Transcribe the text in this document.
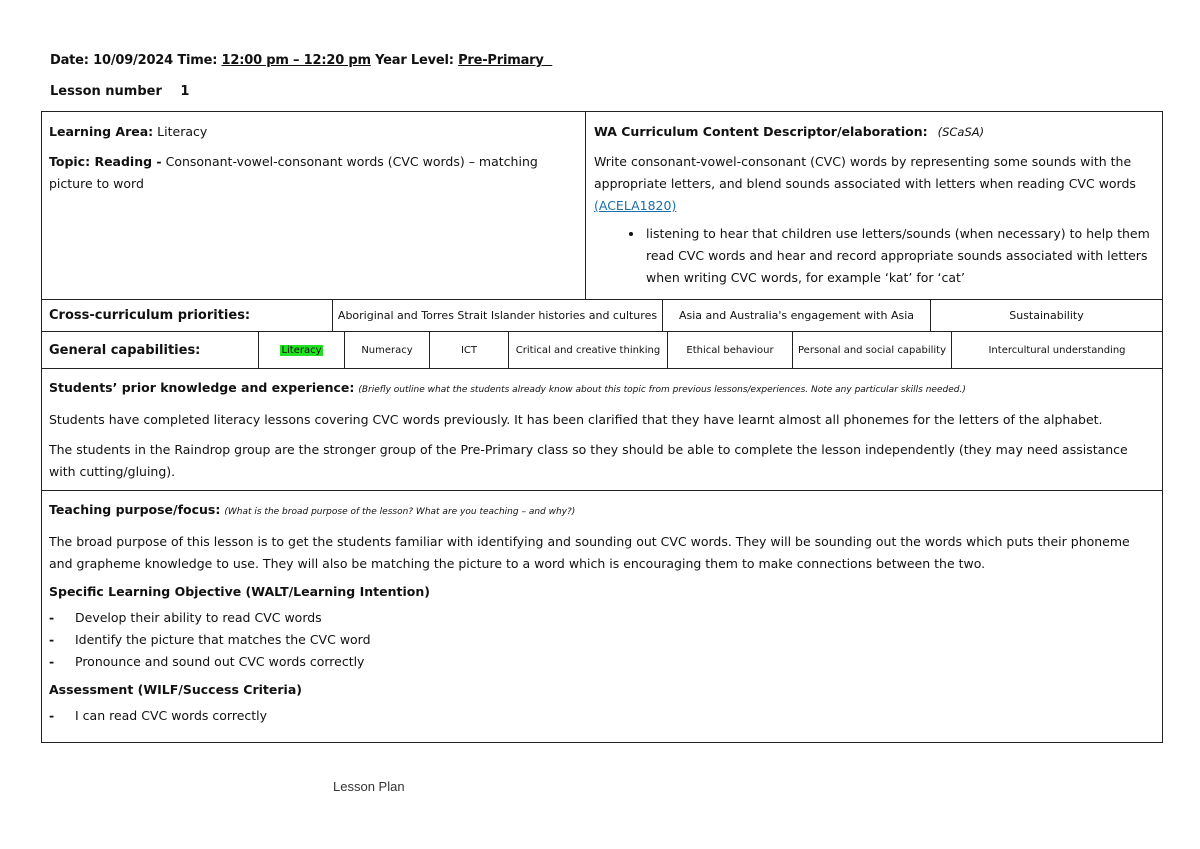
Date: 10/09/2024 Time: 12:00 pm – 12:20 pm Year Level: Pre-Primary
Lesson number 1

Learning Area: Literacy

Topic: Reading - Consonant-vowel-consonant words (CVC words) – matching picture to word

WA Curriculum Content Descriptor/elaboration: (SCaSA)

Write consonant-vowel-consonant (CVC) words by representing some sounds with the appropriate letters, and blend sounds associated with letters when reading CVC words (ACELA1820)

• listening to hear that children use letters/sounds (when necessary) to help them read CVC words and hear and record appropriate sounds associated with letters when writing CVC words, for example ‘kat’ for ‘cat’
Cross-curriculum priorities:	Aboriginal and Torres Strait Islander histories and cultures	Asia and Australia's engagement with Asia	Sustainability
General capabilities:	Literacy	Numeracy	ICT	Critical and creative thinking	Ethical behaviour	Personal and social capability	Intercultural understanding

Students’ prior knowledge and experience: (Briefly outline what the students already know about this topic from previous lessons/experiences. Note any particular skills needed.)

Students have completed literacy lessons covering CVC words previously. It has been clarified that they have learnt almost all phonemes for the letters of the alphabet.

The students in the Raindrop group are the stronger group of the Pre-Primary class so they should be able to complete the lesson independently (they may need assistance with cutting/gluing).

Teaching purpose/focus: (What is the broad purpose of the lesson? What are you teaching – and why?)

The broad purpose of this lesson is to get the students familiar with identifying and sounding out CVC words. They will be sounding out the words which puts their phoneme and grapheme knowledge to use. They will also be matching the picture to a word which is encouraging them to make connections between the two.

Specific Learning Objective (WALT/Learning Intention)

- Develop their ability to read CVC words
- Identify the picture that matches the CVC word
- Pronounce and sound out CVC words correctly

Assessment (WILF/Success Criteria)

- I can read CVC words correctly
Lesson Plan
